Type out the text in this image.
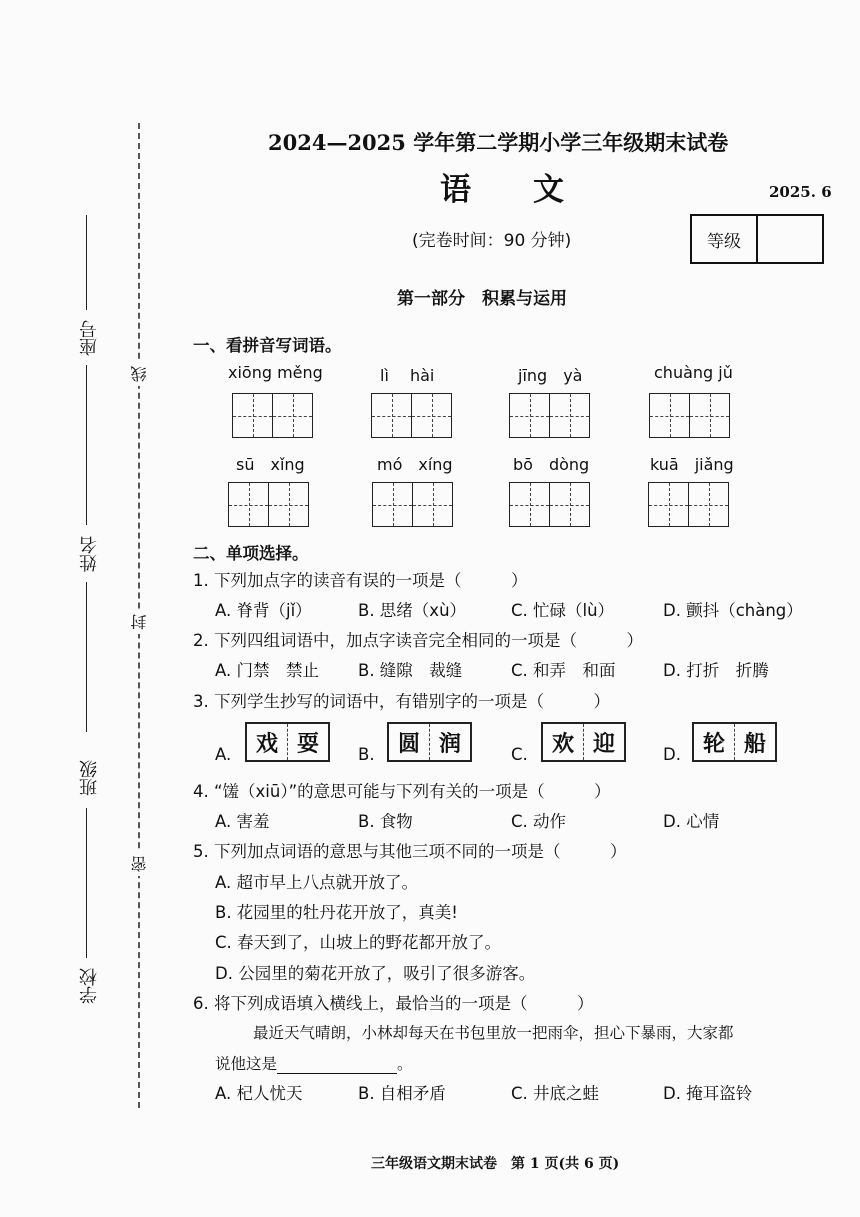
线
封
密
座号
姓名
班级
学校
2024—2025 学年第二学期小学三年级期末试卷
语　　文	2025. 6
(完卷时间：90 分钟)	等级
第一部分　积累与运用
一、看拼音写词语。
xiōng měng	lì　 hài	jīng　yà	chuàng jǔ
sū　xǐng	mó　xíng	bō　dòng	kuā　jiǎng
二、单项选择。
1. 下列加点字的读音有误的一项是（　　　）
A. 脊背（jǐ）	B. 思绪（xù）	C. 忙碌（lù）	D. 颤抖（chàng）
2. 下列四组词语中，加点字读音完全相同的一项是（　　　）
A. 门禁　禁止 B. 缝隙　裁缝	C. 和弄　和面	D. 打折　折腾
3. 下列学生抄写的词语中，有错别字的一项是（　　　）
A.	戏 耍	B.	圆 润	C.	欢 迎	D.	轮 船
4. “馐（xiū）”的意思可能与下列有关的一项是（　　　）
A. 害羞	B. 食物	C. 动作	D. 心情
5. 下列加点词语的意思与其他三项不同的一项是（　　　）
A. 超市早上八点就开放了。
B. 花园里的牡丹花开放了，真美!
C. 春天到了，山坡上的野花都开放了。
D. 公园里的菊花开放了，吸引了很多游客。
6. 将下列成语填入横线上，最恰当的一项是（　　　）
最近天气晴朗，小林却每天在书包里放一把雨伞，担心下暴雨，大家都
说他这是	。
A. 杞人忧天	B. 自相矛盾	C. 井底之蛙	D. 掩耳盗铃
三年级语文期末试卷　第 1 页(共 6 页)
